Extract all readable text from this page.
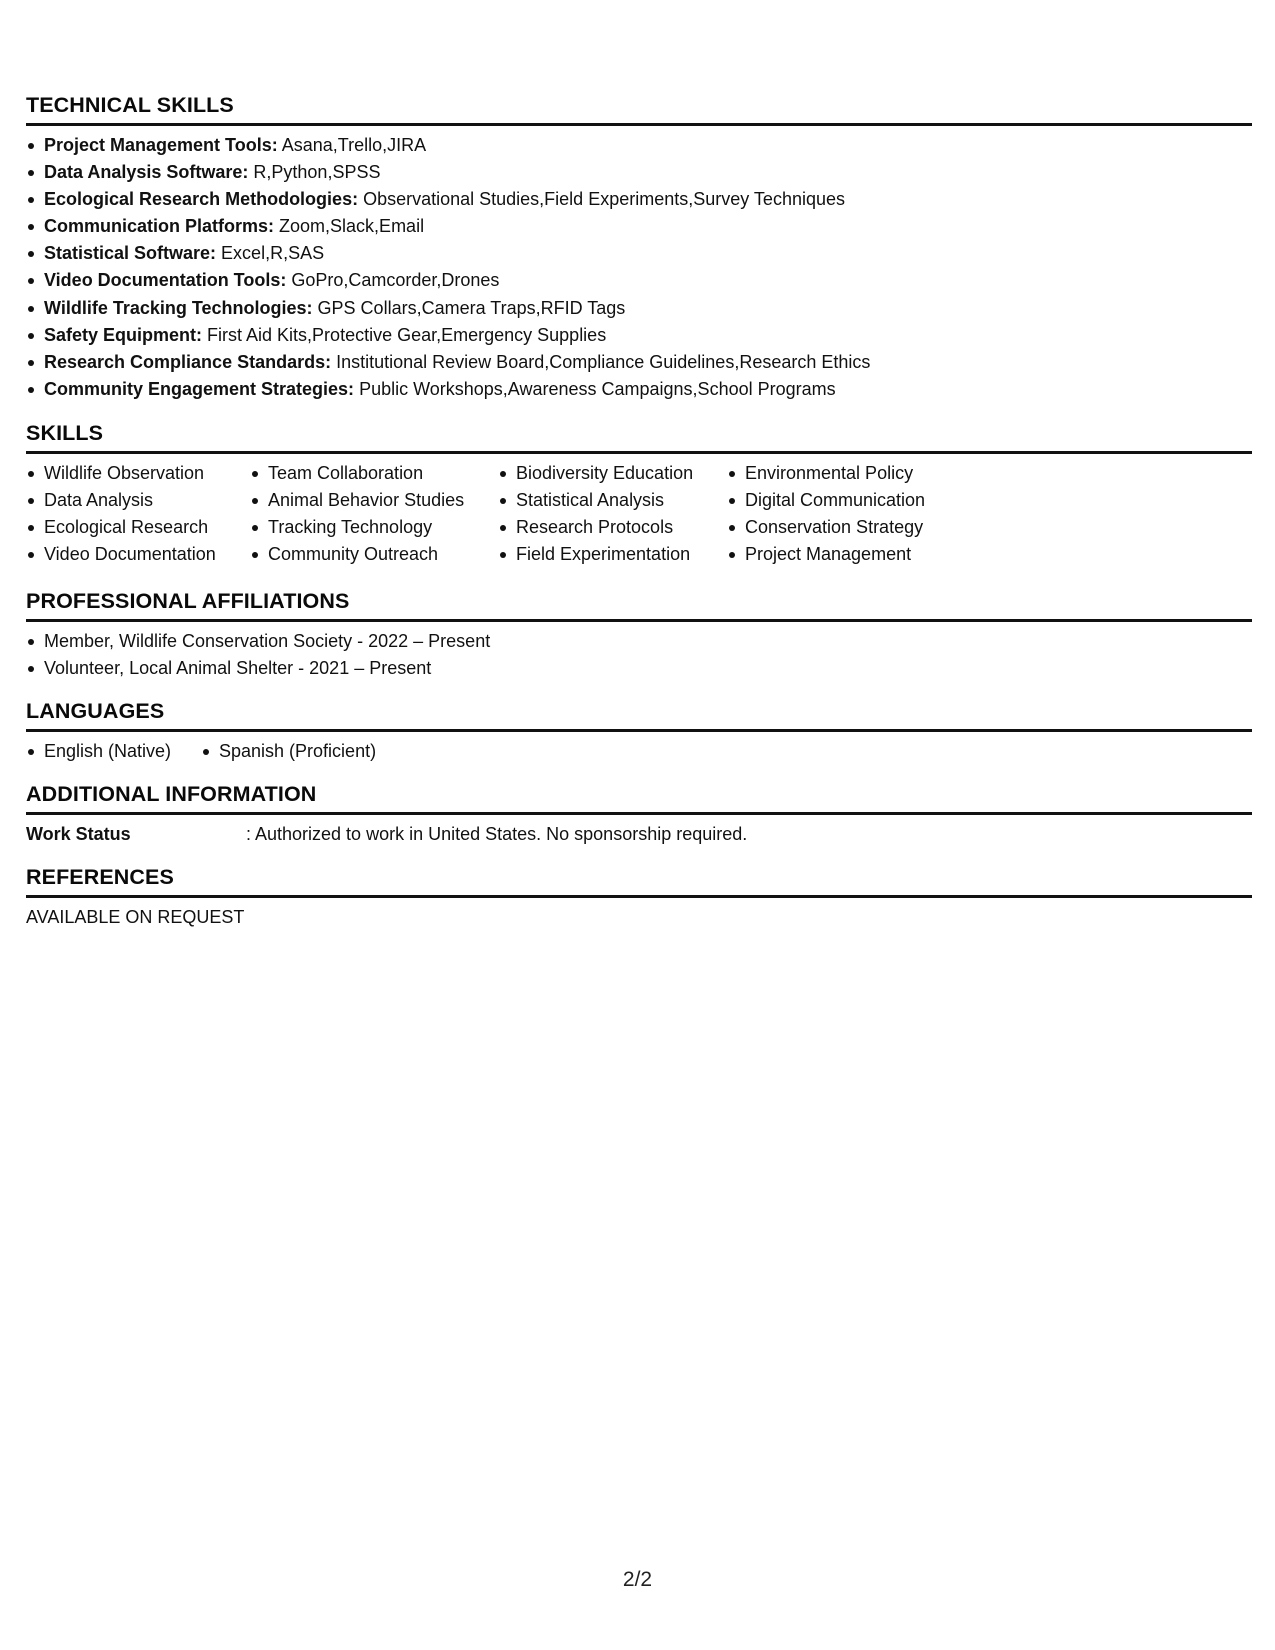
TECHNICAL SKILLS
Project Management Tools: Asana,Trello,JIRA
Data Analysis Software: R,Python,SPSS
Ecological Research Methodologies: Observational Studies,Field Experiments,Survey Techniques
Communication Platforms: Zoom,Slack,Email
Statistical Software: Excel,R,SAS
Video Documentation Tools: GoPro,Camcorder,Drones
Wildlife Tracking Technologies: GPS Collars,Camera Traps,RFID Tags
Safety Equipment: First Aid Kits,Protective Gear,Emergency Supplies
Research Compliance Standards: Institutional Review Board,Compliance Guidelines,Research Ethics
Community Engagement Strategies: Public Workshops,Awareness Campaigns,School Programs
SKILLS
Wildlife Observation
Data Analysis
Ecological Research
Video Documentation
Team Collaboration
Animal Behavior Studies
Tracking Technology
Community Outreach
Biodiversity Education
Statistical Analysis
Research Protocols
Field Experimentation
Environmental Policy
Digital Communication
Conservation Strategy
Project Management
PROFESSIONAL AFFILIATIONS
Member, Wildlife Conservation Society - 2022 – Present
Volunteer, Local Animal Shelter - 2021 – Present
LANGUAGES
English (Native)	Spanish (Proficient)
ADDITIONAL INFORMATION
Work Status	: Authorized to work in United States. No sponsorship required.
REFERENCES
AVAILABLE ON REQUEST
2/2
